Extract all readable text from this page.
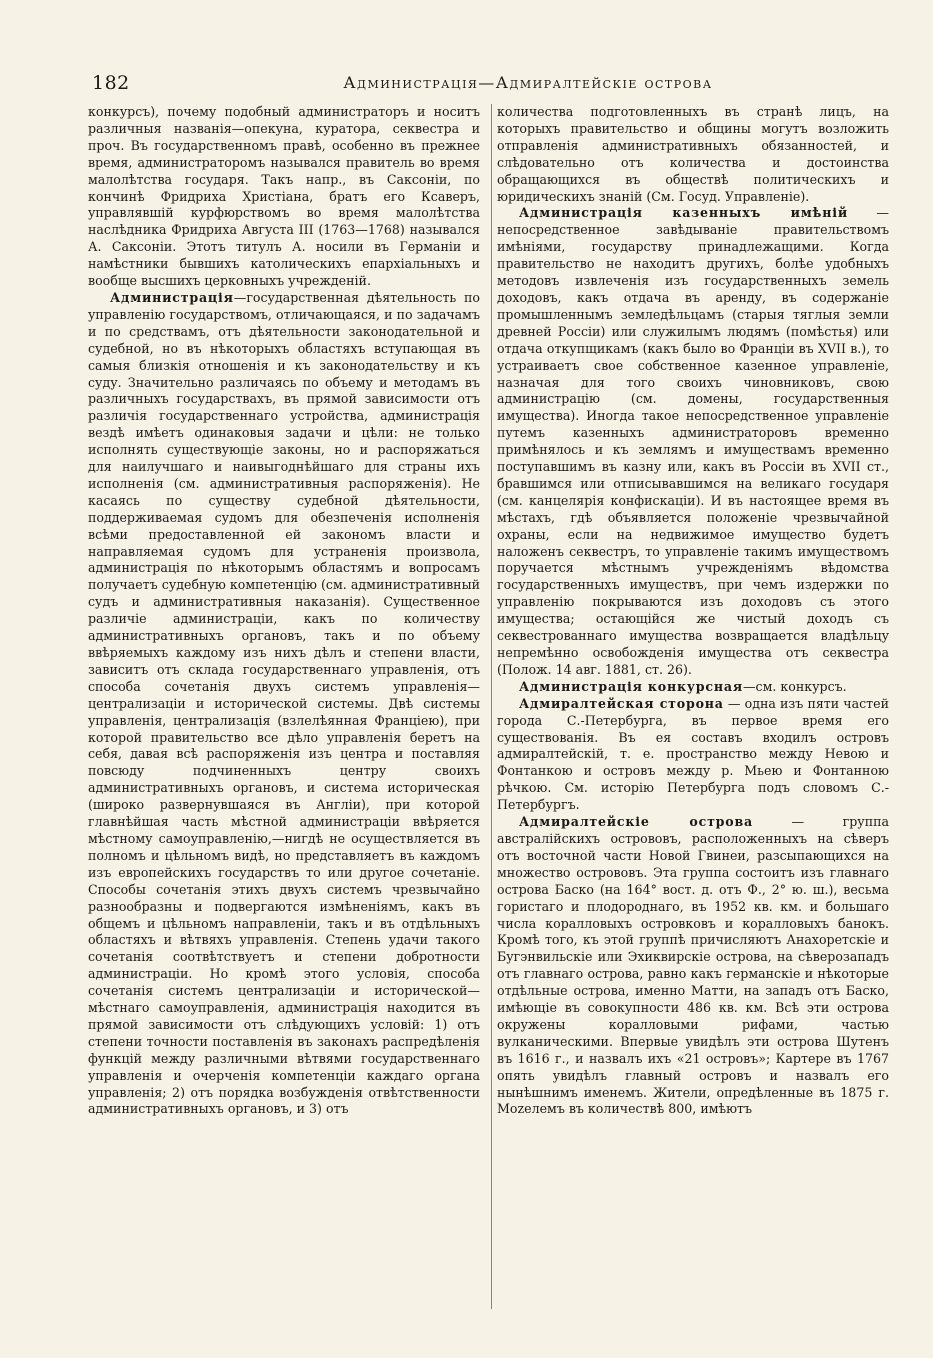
182	Администрація—Адмиралтейскіе острова

конкурсъ), почему подобный администраторъ и носитъ различныя названія—опекуна, куратора, секвестра и проч. Въ государственномъ правѣ, особенно въ прежнее время, администраторомъ назывался правитель во время малолѣтства государя. Такъ напр., въ Саксоніи, по кончинѣ Фридриха Христіана, братъ его Ксаверъ, управлявшій курфюрствомъ во время малолѣтства наслѣдника Фридриха Августа III (1763—1768) назывался А. Саксоніи. Этотъ титулъ А. носили въ Германіи и намѣстники бывшихъ католическихъ епархіальныхъ и вообще высшихъ церковныхъ учрежденій.

Администрація—государственная дѣятельность по управленію государствомъ, отличающаяся, и по задачамъ и по средствамъ, отъ дѣятельности законодательной и судебной, но въ нѣкоторыхъ областяхъ вступающая въ самыя близкія отношенія и къ законодательству и къ суду. Значительно различаясь по объему и методамъ въ различныхъ государствахъ, въ прямой зависимости отъ различія государственнаго устройства, администрація вездѣ имѣетъ одинаковыя задачи и цѣли: не только исполнять существующіе законы, но и распоряжаться для наилучшаго и наивыгоднѣйшаго для страны ихъ исполненія (см. административныя распоряженія). Не касаясь по существу судебной дѣятельности, поддерживаемая судомъ для обезпеченія исполненія всѣми предоставленной ей закономъ власти и направляемая судомъ для устраненія произвола, администрація по нѣкоторымъ областямъ и вопросамъ получаетъ судебную компетенцію (см. административный судъ и административныя наказанія). Существенное различіе администраціи, какъ по количеству административныхъ органовъ, такъ и по объему ввѣряемыхъ каждому изъ нихъ дѣлъ и степени власти, зависитъ отъ склада государственнаго управленія, отъ способа сочетанія двухъ системъ управленія—централизаціи и исторической системы. Двѣ системы управленія, централизація (взлелѣянная Франціею), при которой правительство все дѣло управленія беретъ на себя, давая всѣ распоряженія изъ центра и поставляя повсюду подчиненныхъ центру своихъ административныхъ органовъ, и система историческая (широко развернувшаяся въ Англіи), при которой главнѣйшая часть мѣстной администраціи ввѣряется мѣстному самоуправленію,—нигдѣ не осуществляется въ полномъ и цѣльномъ видѣ, но представляетъ въ каждомъ изъ европейскихъ государствъ то или другое сочетаніе. Способы сочетанія этихъ двухъ системъ чрезвычайно разнообразны и подвергаются измѣненіямъ, какъ въ общемъ и цѣльномъ направленіи, такъ и въ отдѣльныхъ областяхъ и вѣтвяхъ управленія. Степень удачи такого сочетанія соотвѣтствуетъ и степени добротности администраціи. Но кромѣ этого условія, способа сочетанія системъ централизаціи и исторической—мѣстнаго самоуправленія, администрація находится въ прямой зависимости отъ слѣдующихъ условій: 1) отъ степени точности поставленія въ законахъ распредѣленія функцій между различными вѣтвями государственнаго управленія и очерченія компетенціи каждаго органа управленія; 2) отъ порядка возбужденія отвѣтственности административныхъ органовъ, и 3) отъ

количества подготовленныхъ въ странѣ лицъ, на которыхъ правительство и общины могутъ возложить отправленія административныхъ обязанностей, и слѣдовательно отъ количества и достоинства обращающихся въ обществѣ политическихъ и юридическихъ знаній (См. Госуд. Управленіе).

Администрація казенныхъ имѣній — непосредственное завѣдываніе правительствомъ имѣніями, государству принадлежащими. Когда правительство не находитъ другихъ, болѣе удобныхъ методовъ извлеченія изъ государственныхъ земель доходовъ, какъ отдача въ аренду, въ содержаніе промышленнымъ земледѣльцамъ (старыя тяглыя земли древней Россіи) или служилымъ людямъ (помѣстья) или отдача откупщикамъ (какъ было во Франціи въ XVII в.), то устраиваетъ свое собственное казенное управленіе, назначая для того своихъ чиновниковъ, свою администрацію (см. домены, государственныя имущества). Иногда такое непосредственное управленіе путемъ казенныхъ администраторовъ временно примѣнялось и къ землямъ и имуществамъ временно поступавшимъ въ казну или, какъ въ Россіи въ XVII ст., бравшимся или отписывавшимся на великаго государя (см. канцелярія конфискаціи). И въ настоящее время въ мѣстахъ, гдѣ объявляется положеніе чрезвычайной охраны, если на недвижимое имущество будетъ наложенъ секвестръ, то управленіе такимъ имуществомъ поручается мѣстнымъ учрежденіямъ вѣдомства государственныхъ имуществъ, при чемъ издержки по управленію покрываются изъ доходовъ съ этого имущества; остающійся же чистый доходъ съ секвестрованнаго имущества возвращается владѣльцу непремѣнно освобожденія имущества отъ секвестра (Полож. 14 авг. 1881, ст. 26).

Администрація конкурсная—см. конкурсъ.

Адмиралтейская сторона — одна изъ пяти частей города С.-Петербурга, въ первое время его существованія. Въ ея составъ входилъ островъ адмиралтейскій, т. е. пространство между Невою и Фонтанкою и островъ между р. Мьею и Фонтанною рѣчкою. См. исторію Петербурга подъ словомъ С.-Петербургъ.

Адмиралтейскіе острова — группа австралійскихъ острововъ, расположенныхъ на сѣверъ отъ восточной части Новой Гвинеи, разсыпающихся на множество острововъ. Эта группа состоитъ изъ главнаго острова Баско (на 164° вост. д. отъ Ф., 2° ю. ш.), весьма гористаго и плодороднаго, въ 1952 кв. км. и большаго числа коралловыхъ островковъ и коралловыхъ банокъ. Кромѣ того, къ этой группѣ причисляютъ Анахоретскіе и Бугэнвильскіе или Эхиквирскіе острова, на сѣверозападъ отъ главнаго острова, равно какъ германскіе и нѣкоторые отдѣльные острова, именно Матти, на западъ отъ Баско, имѣющіе въ совокупности 486 кв. км. Всѣ эти острова окружены коралловыми рифами, частью вулканическими. Впервые увидѣлъ эти острова Шутенъ въ 1616 г., и назвалъ ихъ «21 островъ»; Картере въ 1767 опять увидѣлъ главный островъ и назвалъ его нынѣшнимъ именемъ. Жители, опредѣленные въ 1875 г. Моzелемъ въ количествѣ 800, имѣютъ
